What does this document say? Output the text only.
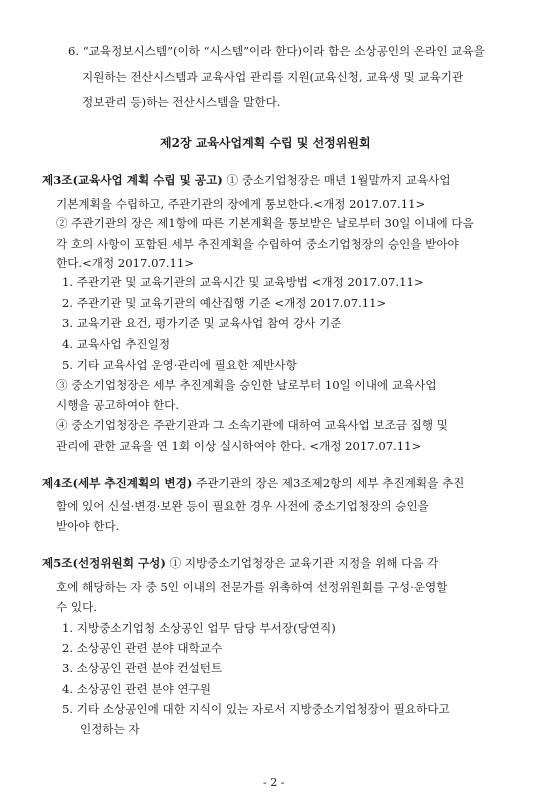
6. “교육정보시스템”(이하 “시스템”이라 한다)이라 함은 소상공인의 온라인 교육을
지원하는 전산시스템과 교육사업 관리를 지원(교육신청, 교육생 및 교육기관
정보관리 등)하는 전산시스템을 말한다.
제2장 교육사업계획 수립 및 선정위원회
제3조(교육사업 계획 수립 및 공고) ① 중소기업청장은 매년 1월말까지 교육사업
기본계획을 수립하고, 주관기관의 장에게 통보한다.<개정 2017.07.11>
② 주관기관의 장은 제1항에 따른 기본계획을 통보받은 날로부터 30일 이내에 다음
각 호의 사항이 포함된 세부 추진계획을 수립하여 중소기업청장의 승인을 받아야
한다.<개정 2017.07.11>
1. 주관기관 및 교육기관의 교육시간 및 교육방법 <개정 2017.07.11>
2. 주관기관 및 교육기관의 예산집행 기준 <개정 2017.07.11>
3. 교육기관 요건, 평가기준 및 교육사업 참여 강사 기준
4. 교육사업 추진일정
5. 기타 교육사업 운영·관리에 필요한 제반사항
③ 중소기업청장은 세부 추진계획을 승인한 날로부터 10일 이내에 교육사업
시행을 공고하여야 한다.
④ 중소기업청장은 주관기관과 그 소속기관에 대하여 교육사업 보조금 집행 및
관리에 관한 교육을 연 1회 이상 실시하여야 한다. <개정 2017.07.11>
제4조(세부 추진계획의 변경) 주관기관의 장은 제3조제2항의 세부 추진계획을 추진
함에 있어 신설·변경·보완 등이 필요한 경우 사전에 중소기업청장의 승인을
받아야 한다.
제5조(선정위원회 구성) ① 지방중소기업청장은 교육기관 지정을 위해 다음 각
호에 해당하는 자 중 5인 이내의 전문가를 위촉하여 선정위원회를 구성·운영할
수 있다.
1. 지방중소기업청 소상공인 업무 담당 부서장(당연직)
2. 소상공인 관련 분야 대학교수
3. 소상공인 관련 분야 컨설턴트
4. 소상공인 관련 분야 연구원
5. 기타 소상공인에 대한 지식이 있는 자로서 지방중소기업청장이 필요하다고
인정하는 자
- 2 -
